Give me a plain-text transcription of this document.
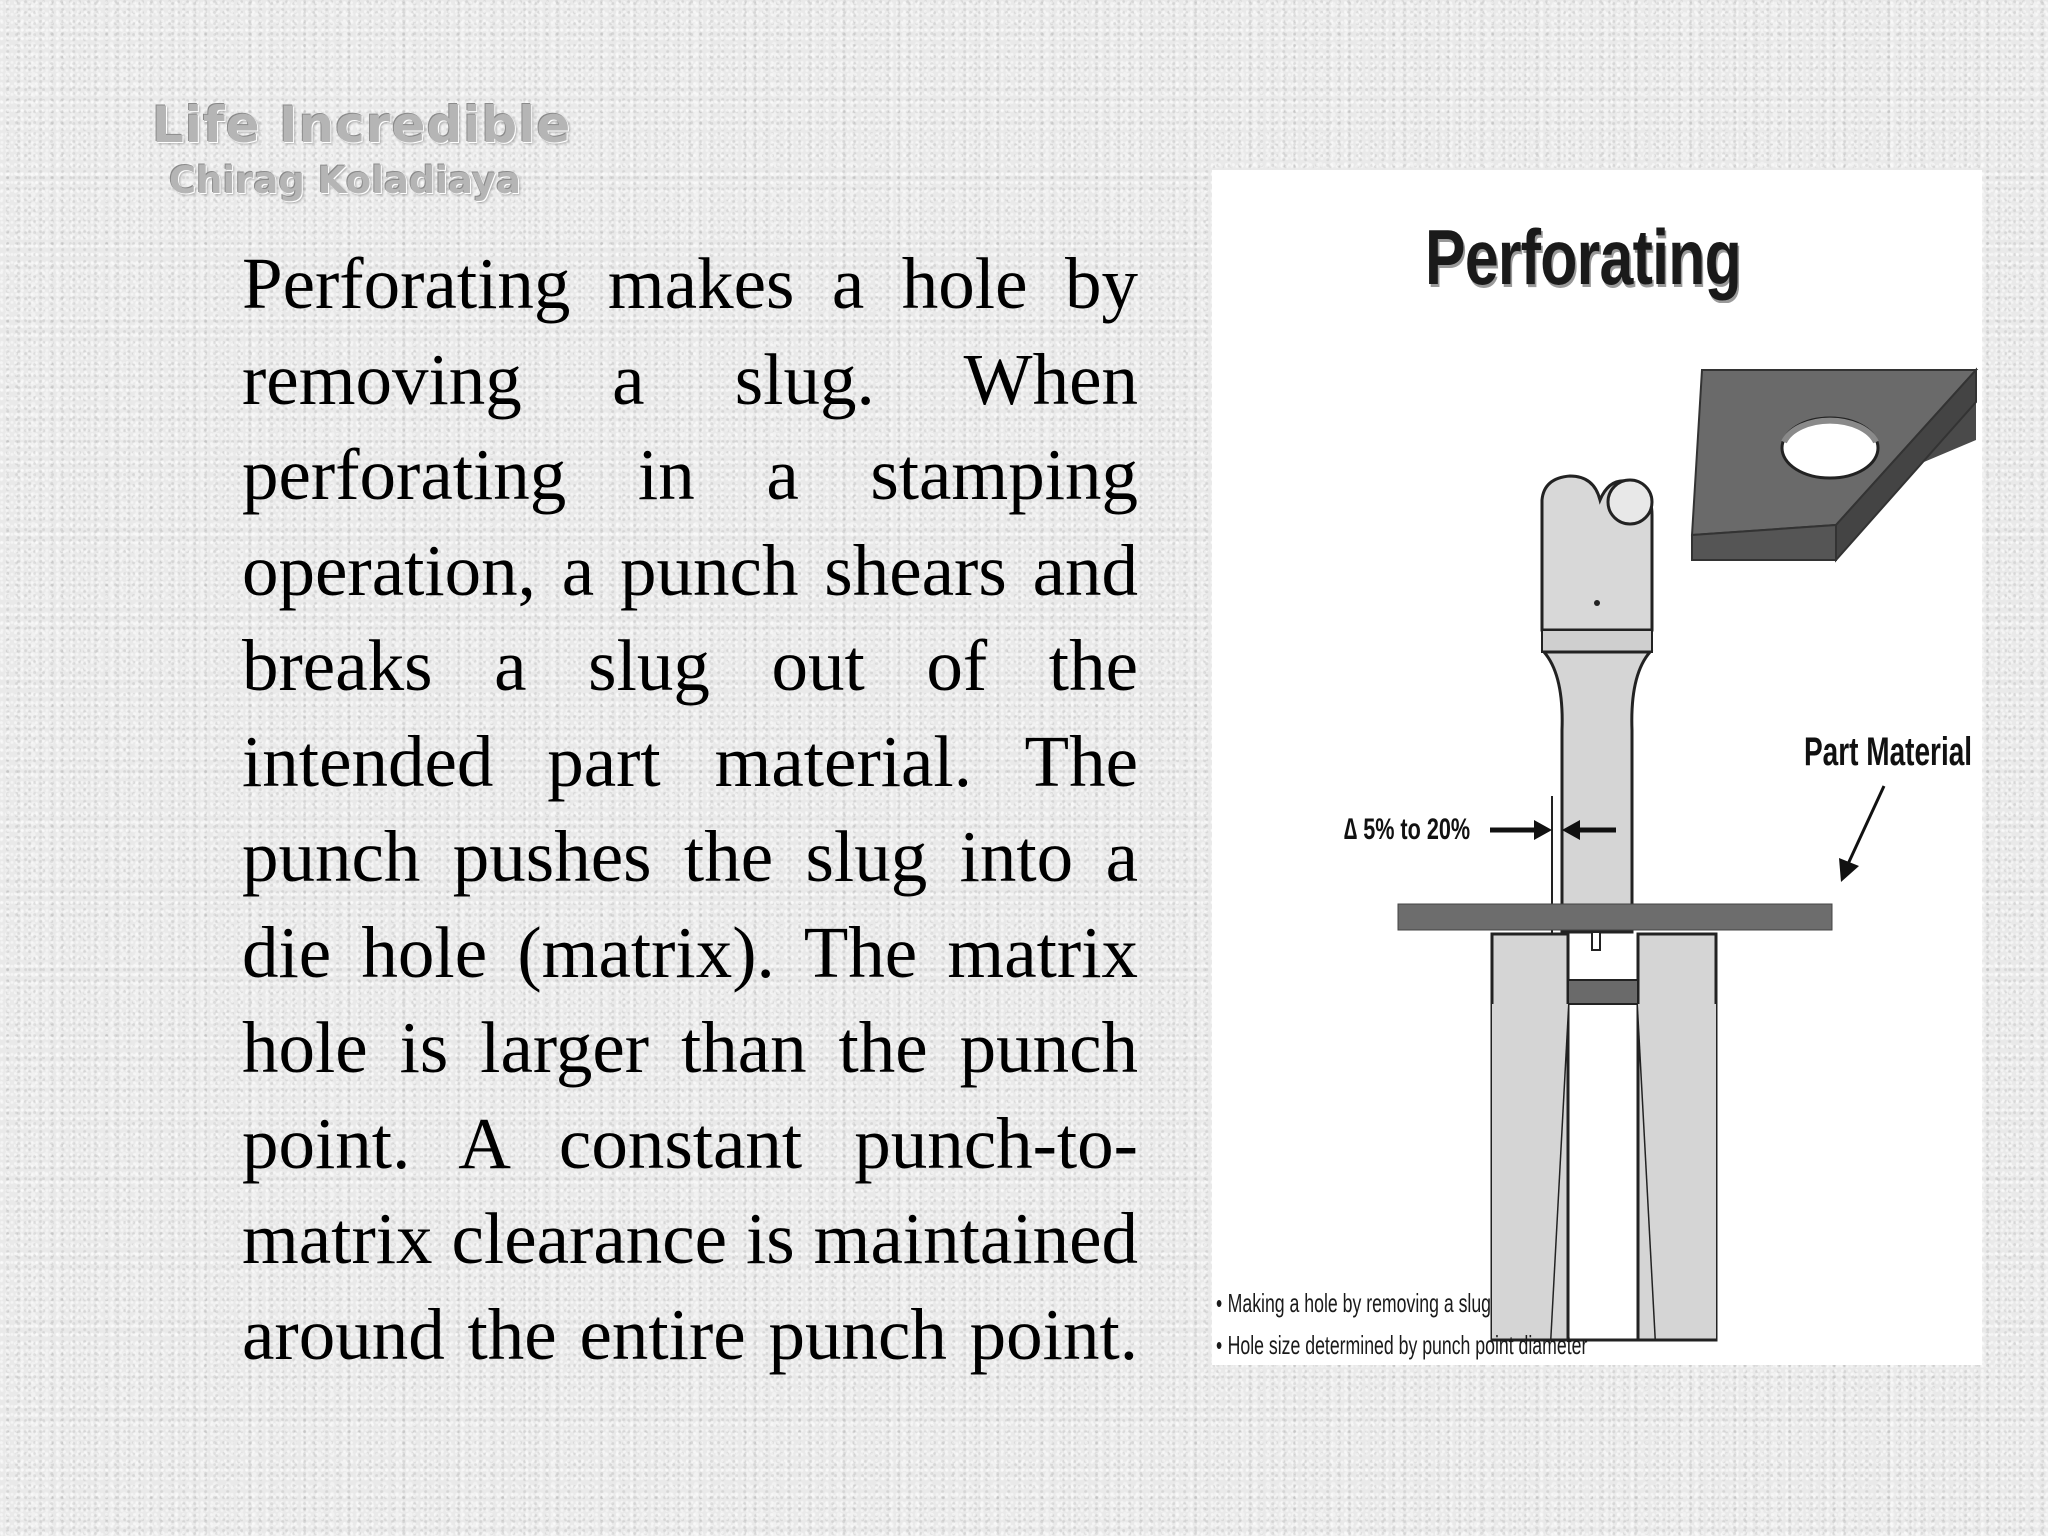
Life Incredible
Chirag Koladiaya

Perforating makes a hole by removing a slug. When perforating in a stamping operation, a punch shears and breaks a slug out of the intended part material. The punch pushes the slug into a die hole (matrix). The matrix hole is larger than the punch point. A constant punch-to-matrix clearance is maintained around the entire punch point.

Perforating
Part Material
∆ 5% to 20%
• Making a hole by removing a slug
• Hole size determined by punch point diameter
